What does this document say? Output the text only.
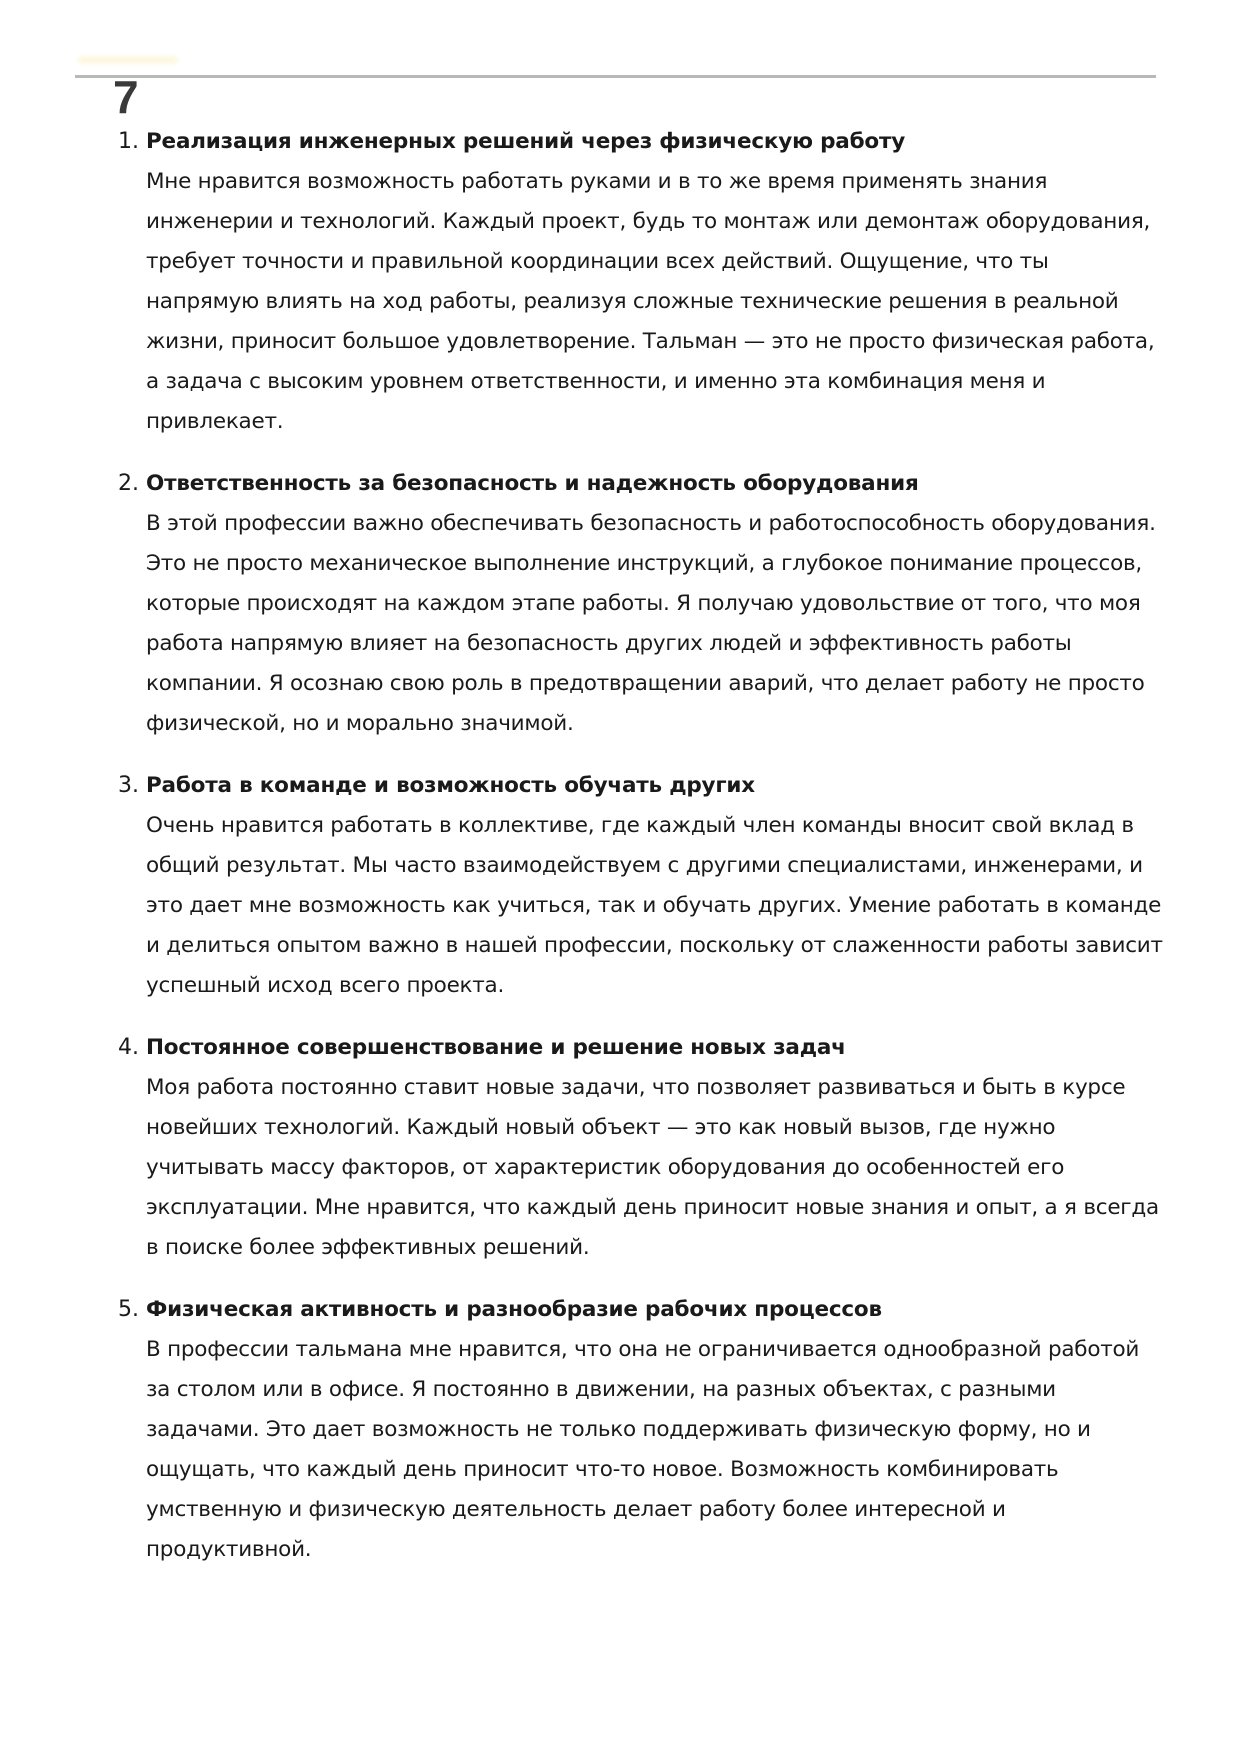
7
1. Реализация инженерных решений через физическую работу
Мне нравится возможность работать руками и в то же время применять знания инженерии и технологий. Каждый проект, будь то монтаж или демонтаж оборудования, требует точности и правильной координации всех действий. Ощущение, что ты напрямую влиять на ход работы, реализуя сложные технические решения в реальной жизни, приносит большое удовлетворение. Тальман — это не просто физическая работа, а задача с высоким уровнем ответственности, и именно эта комбинация меня и привлекает.
2. Ответственность за безопасность и надежность оборудования
В этой профессии важно обеспечивать безопасность и работоспособность оборудования. Это не просто механическое выполнение инструкций, а глубокое понимание процессов, которые происходят на каждом этапе работы. Я получаю удовольствие от того, что моя работа напрямую влияет на безопасность других людей и эффективность работы компании. Я осознаю свою роль в предотвращении аварий, что делает работу не просто физической, но и морально значимой.
3. Работа в команде и возможность обучать других
Очень нравится работать в коллективе, где каждый член команды вносит свой вклад в общий результат. Мы часто взаимодействуем с другими специалистами, инженерами, и это дает мне возможность как учиться, так и обучать других. Умение работать в команде и делиться опытом важно в нашей профессии, поскольку от слаженности работы зависит успешный исход всего проекта.
4. Постоянное совершенствование и решение новых задач
Моя работа постоянно ставит новые задачи, что позволяет развиваться и быть в курсе новейших технологий. Каждый новый объект — это как новый вызов, где нужно учитывать массу факторов, от характеристик оборудования до особенностей его эксплуатации. Мне нравится, что каждый день приносит новые знания и опыт, а я всегда в поиске более эффективных решений.
5. Физическая активность и разнообразие рабочих процессов
В профессии тальмана мне нравится, что она не ограничивается однообразной работой за столом или в офисе. Я постоянно в движении, на разных объектах, с разными задачами. Это дает возможность не только поддерживать физическую форму, но и ощущать, что каждый день приносит что-то новое. Возможность комбинировать умственную и физическую деятельность делает работу более интересной и продуктивной.
